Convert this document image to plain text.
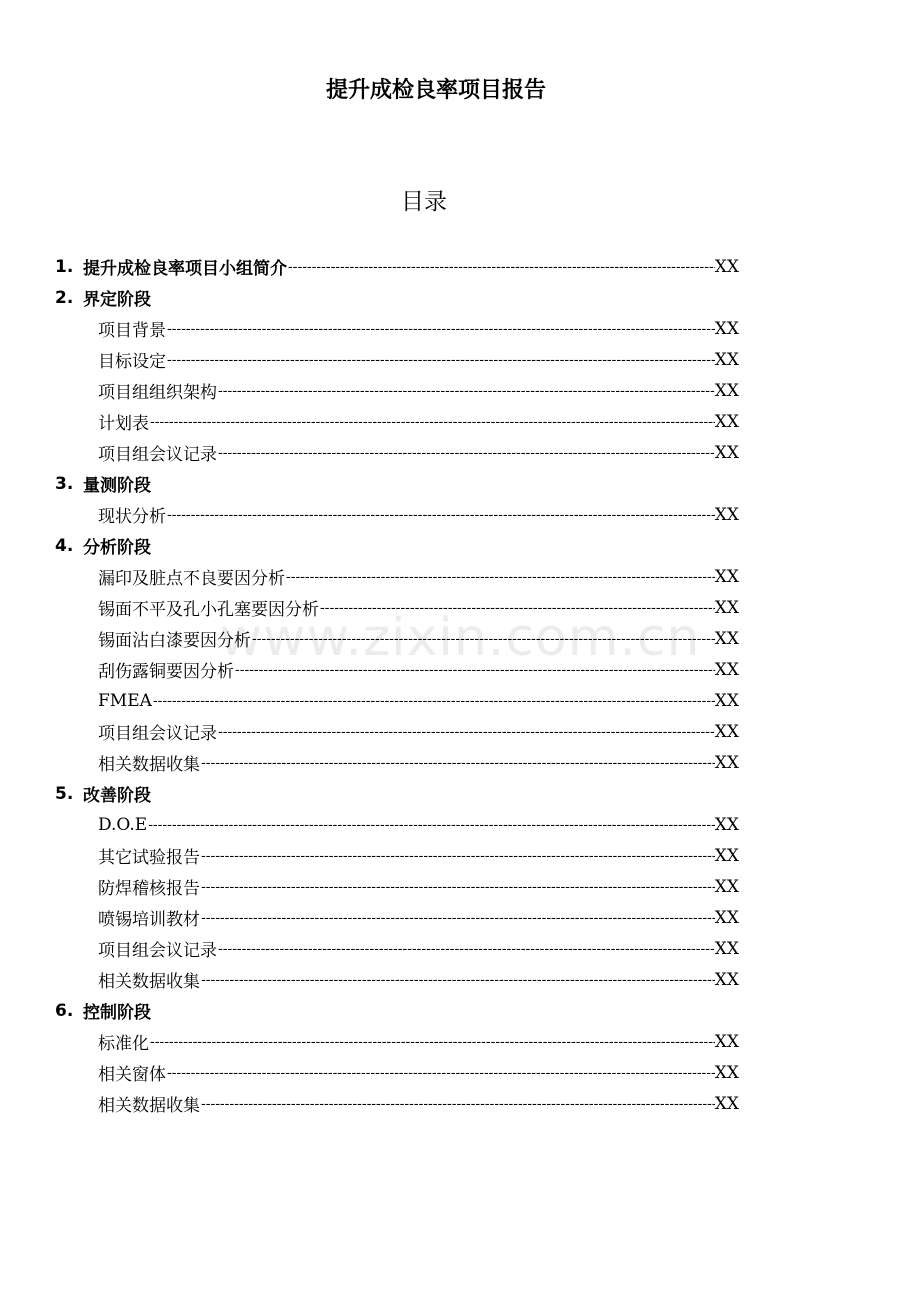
提升成检良率项目报告
目录
www.zixin.com.cn
1. 提升成检良率项目小组简介 -----	XX
2. 界定阶段
项目背景 -----	XX
目标设定 -----	XX
项目组组织架构 -----	XX
计划表 -----	XX
项目组会议记录 -----	XX
3. 量测阶段
现状分析 -----	XX
4. 分析阶段
漏印及脏点不良要因分析 -----	XX
锡面不平及孔小孔塞要因分析 -----	XX
锡面沾白漆要因分析 -----	XX
刮伤露铜要因分析 -----	XX
FMEA -----	XX
项目组会议记录 -----	XX
相关数据收集 -----	XX
5. 改善阶段
D.O.E -----	XX
其它试验报告 -----	XX
防焊稽核报告 -----	XX
喷锡培训教材 -----	XX
项目组会议记录 -----	XX
相关数据收集 -----	XX
6. 控制阶段
标准化 -----	XX
相关窗体 -----	XX
相关数据收集 -----	XX
